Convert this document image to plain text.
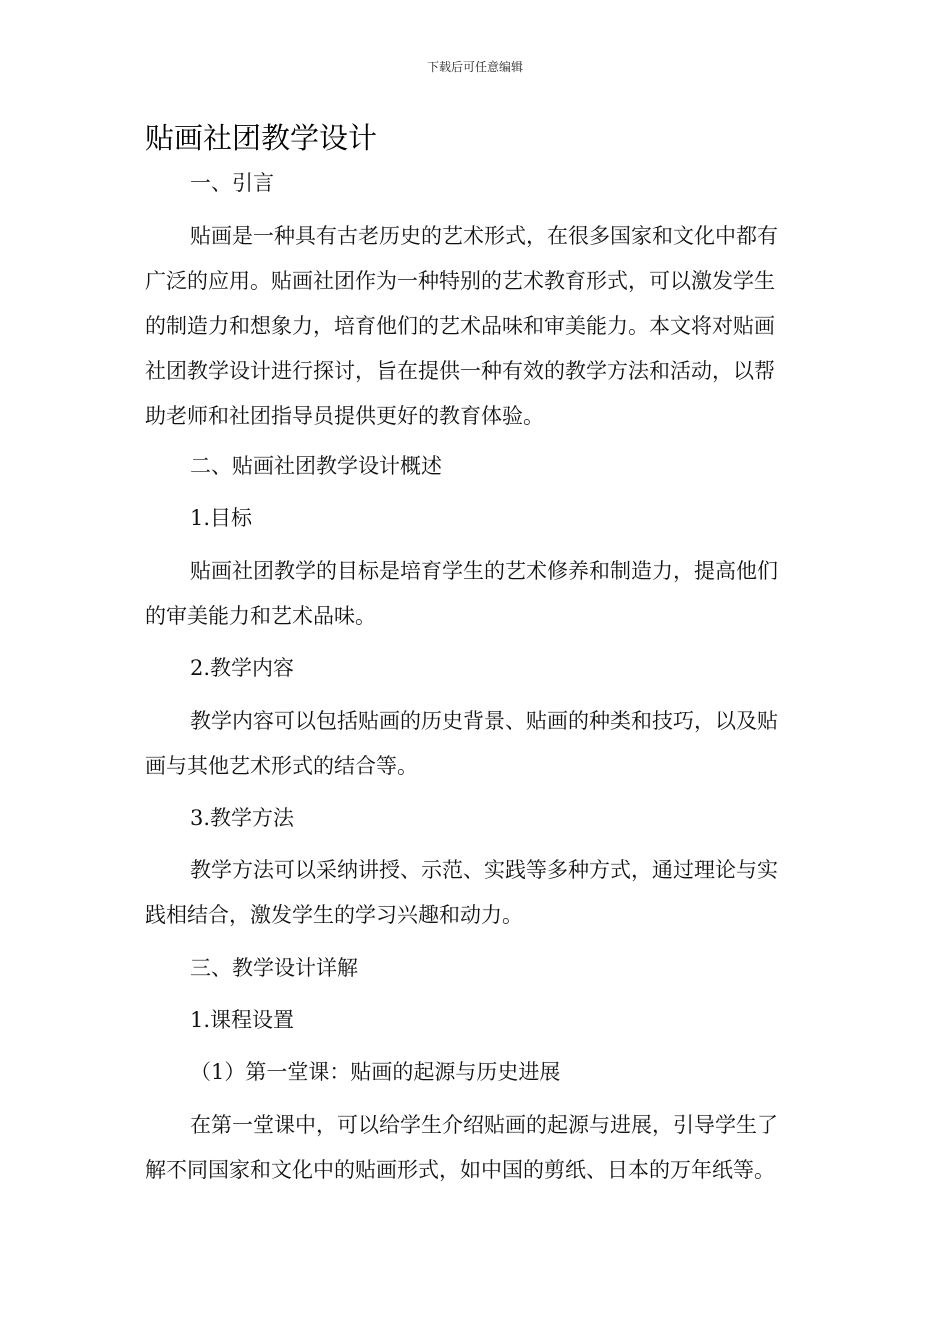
下载后可任意编辑
贴画社团教学设计

一、引言

贴画是一种具有古老历史的艺术形式，在很多国家和文化中都有广泛的应用。贴画社团作为一种特别的艺术教育形式，可以激发学生的制造力和想象力，培育他们的艺术品味和审美能力。本文将对贴画社团教学设计进行探讨，旨在提供一种有效的教学方法和活动，以帮助老师和社团指导员提供更好的教育体验。

二、贴画社团教学设计概述

1.目标

贴画社团教学的目标是培育学生的艺术修养和制造力，提高他们的审美能力和艺术品味。

2.教学内容

教学内容可以包括贴画的历史背景、贴画的种类和技巧，以及贴画与其他艺术形式的结合等。

3.教学方法

教学方法可以采纳讲授、示范、实践等多种方式，通过理论与实践相结合，激发学生的学习兴趣和动力。

三、教学设计详解

1.课程设置

（1）第一堂课：贴画的起源与历史进展

在第一堂课中，可以给学生介绍贴画的起源与进展，引导学生了解不同国家和文化中的贴画形式，如中国的剪纸、日本的万年纸等。
